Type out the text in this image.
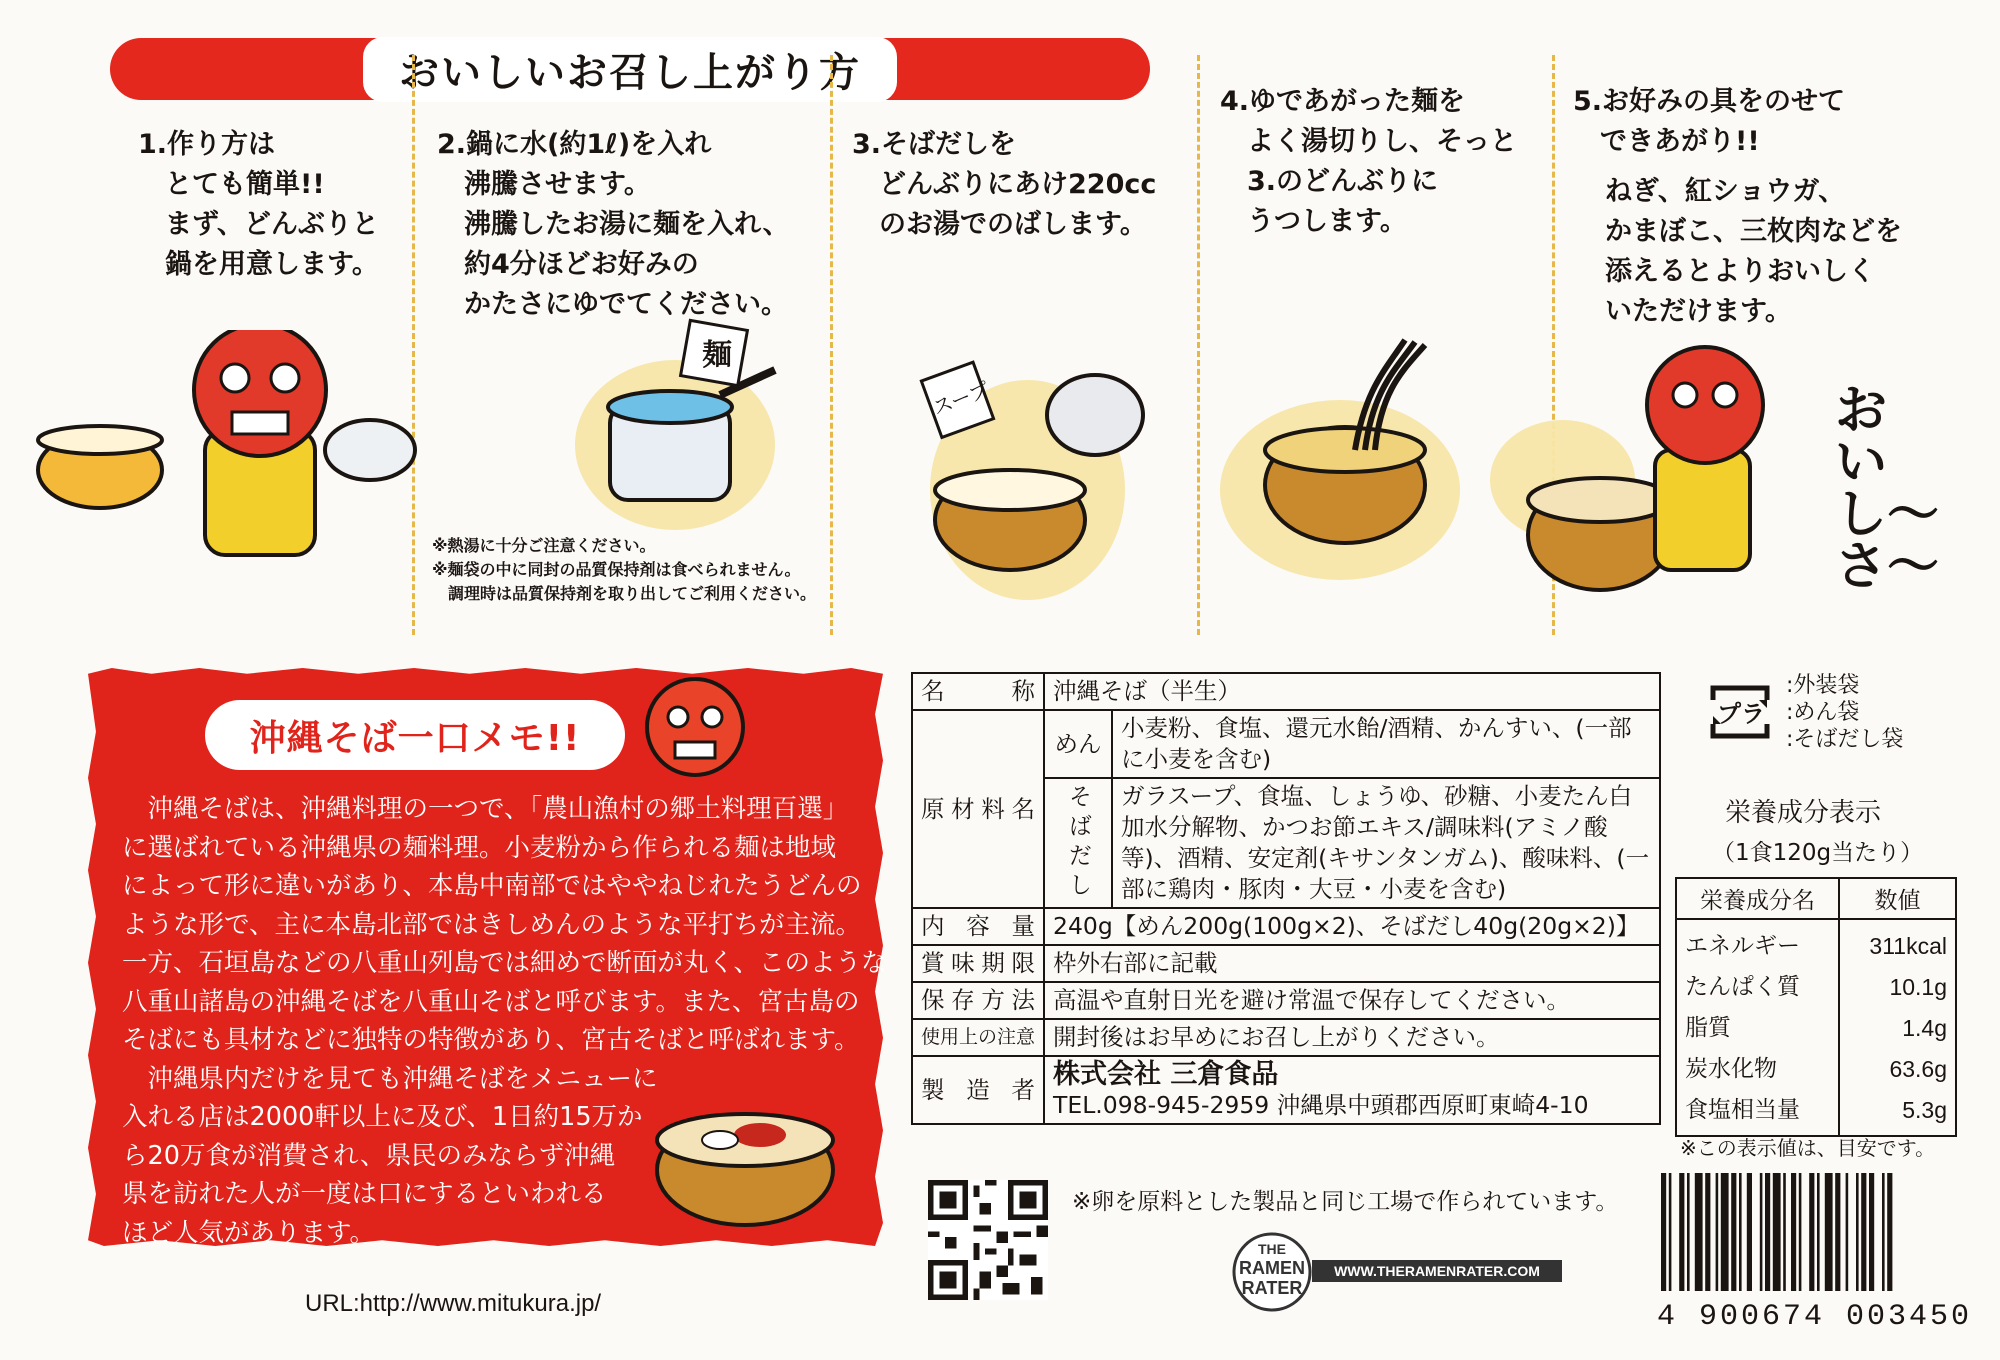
おいしいお召し上がり方
1.作り方は
　とても簡単!!
　まず、どんぶりと
　鍋を用意します。
2.鍋に水(約1ℓ)を入れ
　沸騰させます。
　沸騰したお湯に麺を入れ、
　約4分ほどお好みの
　かたさにゆでてください。
3.そばだしを
　どんぶりにあけ220cc
　のお湯でのばします。
4.ゆであがった麺を
　よく湯切りし、そっと
　3.のどんぶりに
　うつします。
5.お好みの具をのせて
　できあがり!!
ねぎ、紅ショウガ、
かまぼこ、三枚肉などを
添えるとよりおいしく
いただけます。
※熱湯に十分ご注意ください。
※麺袋の中に同封の品質保持剤は食べられません。
　調理時は品質保持剤を取り出してご利用ください。
麺
スープ	おいし〜さ〜
沖縄そば一口メモ!!

沖縄そばは、沖縄料理の一つで、「農山漁村の郷土料理百選」

に選ばれている沖縄県の麺料理。小麦粉から作られる麺は地域
によって形に違いがあり、本島中南部ではややねじれたうどんの
ような形で、主に本島北部ではきしめんのような平打ちが主流。
一方、石垣島などの八重山列島では細めで断面が丸く、このような
八重山諸島の沖縄そばを八重山そばと呼びます。また、宮古島の
そばにも具材などに独特の特徴があり、宮古そばと呼ばれます。

沖縄県内だけを見ても沖縄そばをメニューに

入れる店は2000軒以上に及び、1日約15万か
ら20万食が消費され、県民のみならず沖縄
県を訪れた人が一度は口にするといわれる
ほど人気があります。
URL:http://www.mitukura.jp/
名称	沖縄そば（半生）	
原材料名	めん	小麦粉、食塩、還元水飴/酒精、かんすい、(一部に小麦を含む)
	そばだし	ガラスープ、食塩、しょうゆ、砂糖、小麦たん白加水分解物、かつお節エキス/調味料(アミノ酸等)、酒精、安定剤(キサンタンガム)、酸味料、(一部に鶏肉・豚肉・大豆・小麦を含む)
内容量	240g【めん200g(100g×2)、そばだし40g(20g×2)】	
賞味期限	枠外右部に記載	
保存方法	高温や直射日光を避け常温で保存してください。	
使用上の注意	開封後はお早めにお召し上がりください。	
製造者	株式会社 三倉食品
TEL.098-945-2959 沖縄県中頭郡西原町東崎4-10	
プラ
:外装袋
:めん袋
:そばだし袋
栄養成分表示
（1食120g当たり）
栄養成分名	数値
エネルギー	311kcal
たんぱく質	10.1g
脂質	1.4g
炭水化物	63.6g
食塩相当量	5.3g
※この表示値は、目安です。
※卵を原料とした製品と同じ工場で作られています。
THE
RAMEN
RATER
WWW.THERAMENRATER.COM
4 900674 003450
